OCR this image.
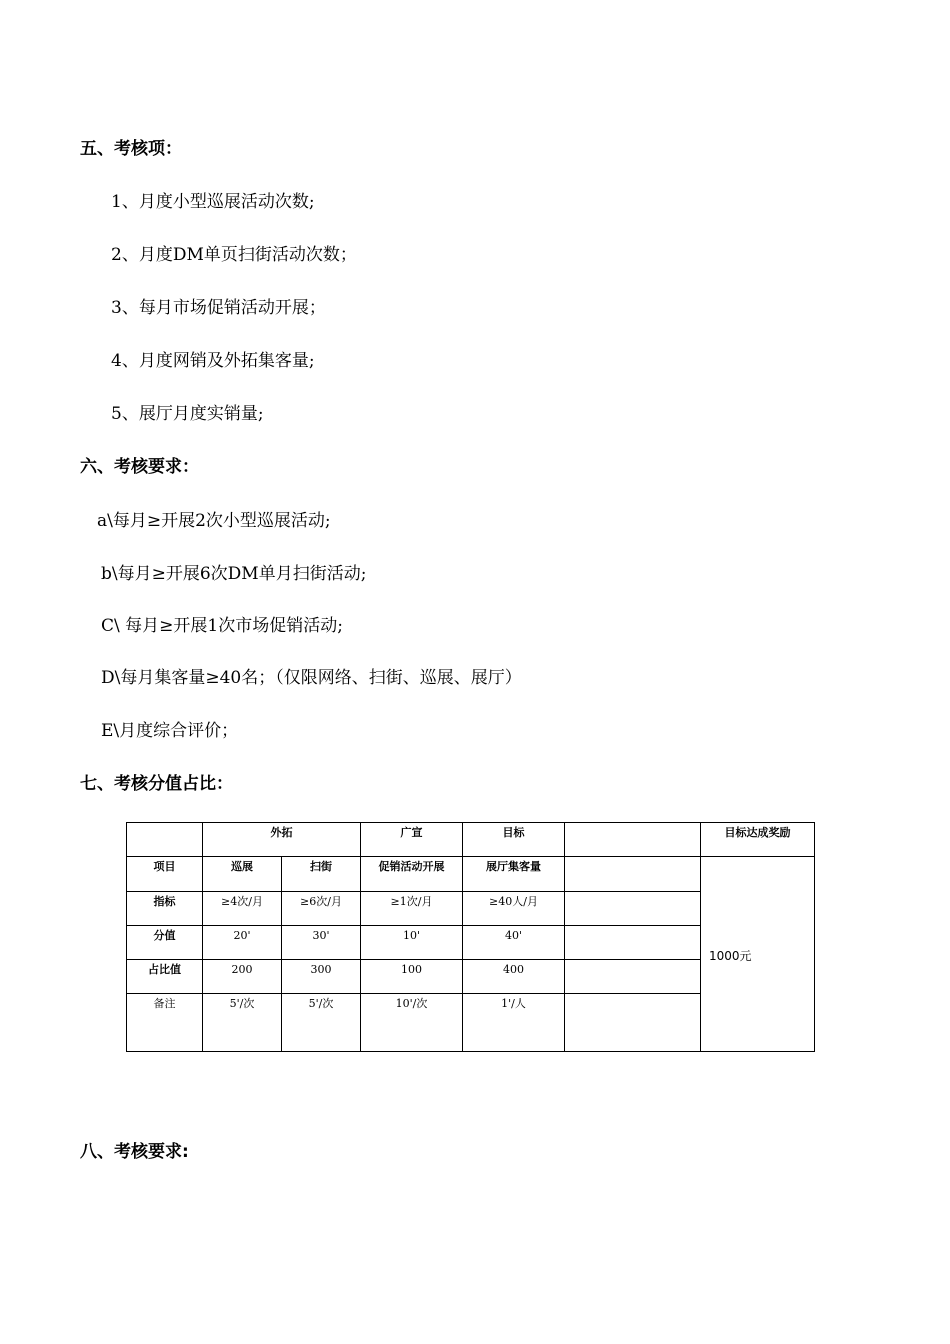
五、考核项：
1、月度小型巡展活动次数;
2、月度DM单页扫街活动次数；
3、每月市场促销活动开展；
4、月度网销及外拓集客量;
5、展厅月度实销量;
六、考核要求：
a\每月≥开展2次小型巡展活动;
b\每月≥开展6次DM单月扫街活动;
C\ 每月≥开展1次市场促销活动;
D\每月集客量≥40名；（仅限网络、扫街、巡展、展厅）
E\月度综合评价；
七、考核分值占比：
	外拓		广宣	目标		目标达成奖励
项目	巡展	扫街	促销活动开展	展厅集客量		1000元
指标	≥4次/月	≥6次/月	≥1次/月	≥40人/月		
分值	20'	30'	10'	40'		
占比值	200	300	100	400		
备注	5'/次	5'/次	10'/次	1'/人		
八、考核要求:
